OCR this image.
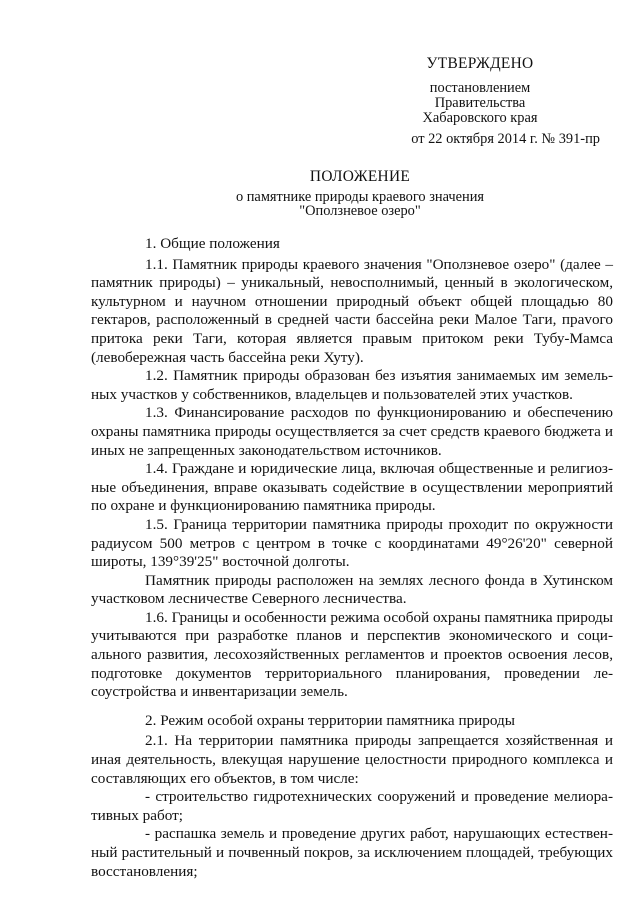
УТВЕРЖДЕНО
постановлением
Правительства
Хабаровского края
от 22 октября 2014 г. № 391-пр
ПОЛОЖЕНИЕ
о памятнике природы краевого значения
"Оползневое озеро"

1. Общие положения

1.1. Памятник природы краевого значения "Оползневое озеро" (далее – памятник природы) – уникальный, невосполнимый, ценный в экологическом, культурном и научном отношении природный объект общей площадью 80 гектаров, расположенный в средней части бассейна реки Малое Таги, праvого притока реки Таги, которая является правым притоком реки Тубу-Мамса (левобережная часть бассейна реки Хуту).

1.2. Памятник природы образован без изъятия занимаемых им земельных участков у собственников, владельцев и пользователей этих участков.

1.3. Финансирование расходов по функционированию и обеспечению охраны памятника природы осуществляется за счет средств краевого бюджета и иных не запрещенных законодательством источников.

1.4. Граждане и юридические лица, включая общественные и религиозные объединения, вправе оказывать содействие в осуществлении мероприятий по охране и функционированию памятника природы.

1.5. Граница территории памятника природы проходит по окружности радиусом 500 метров с центром в точке с координатами 49°26'20" северной широты, 139°39'25" восточной долготы.

Памятник природы расположен на землях лесного фонда в Хутинском участковом лесничестве Северного лесничества.

1.6. Границы и особенности режима особой охраны памятника природы учитываются при разработке планов и перспектив экономического и социального развития, лесохозяйственных регламентов и проектов освоения лесов, подготовке документов территориального планирования, проведении лесоустройства и инвентаризации земель.

2. Режим особой охраны территории памятника природы

2.1. На территории памятника природы запрещается хозяйственная и иная деятельность, влекущая нарушение целостности природного комплекса и составляющих его объектов, в том числе:

- строительство гидротехнических сооружений и проведение мелиоративных работ;

- распашка земель и проведение других работ, нарушающих естественный растительный и почвенный покров, за исключением площадей, требующих восстановления;
